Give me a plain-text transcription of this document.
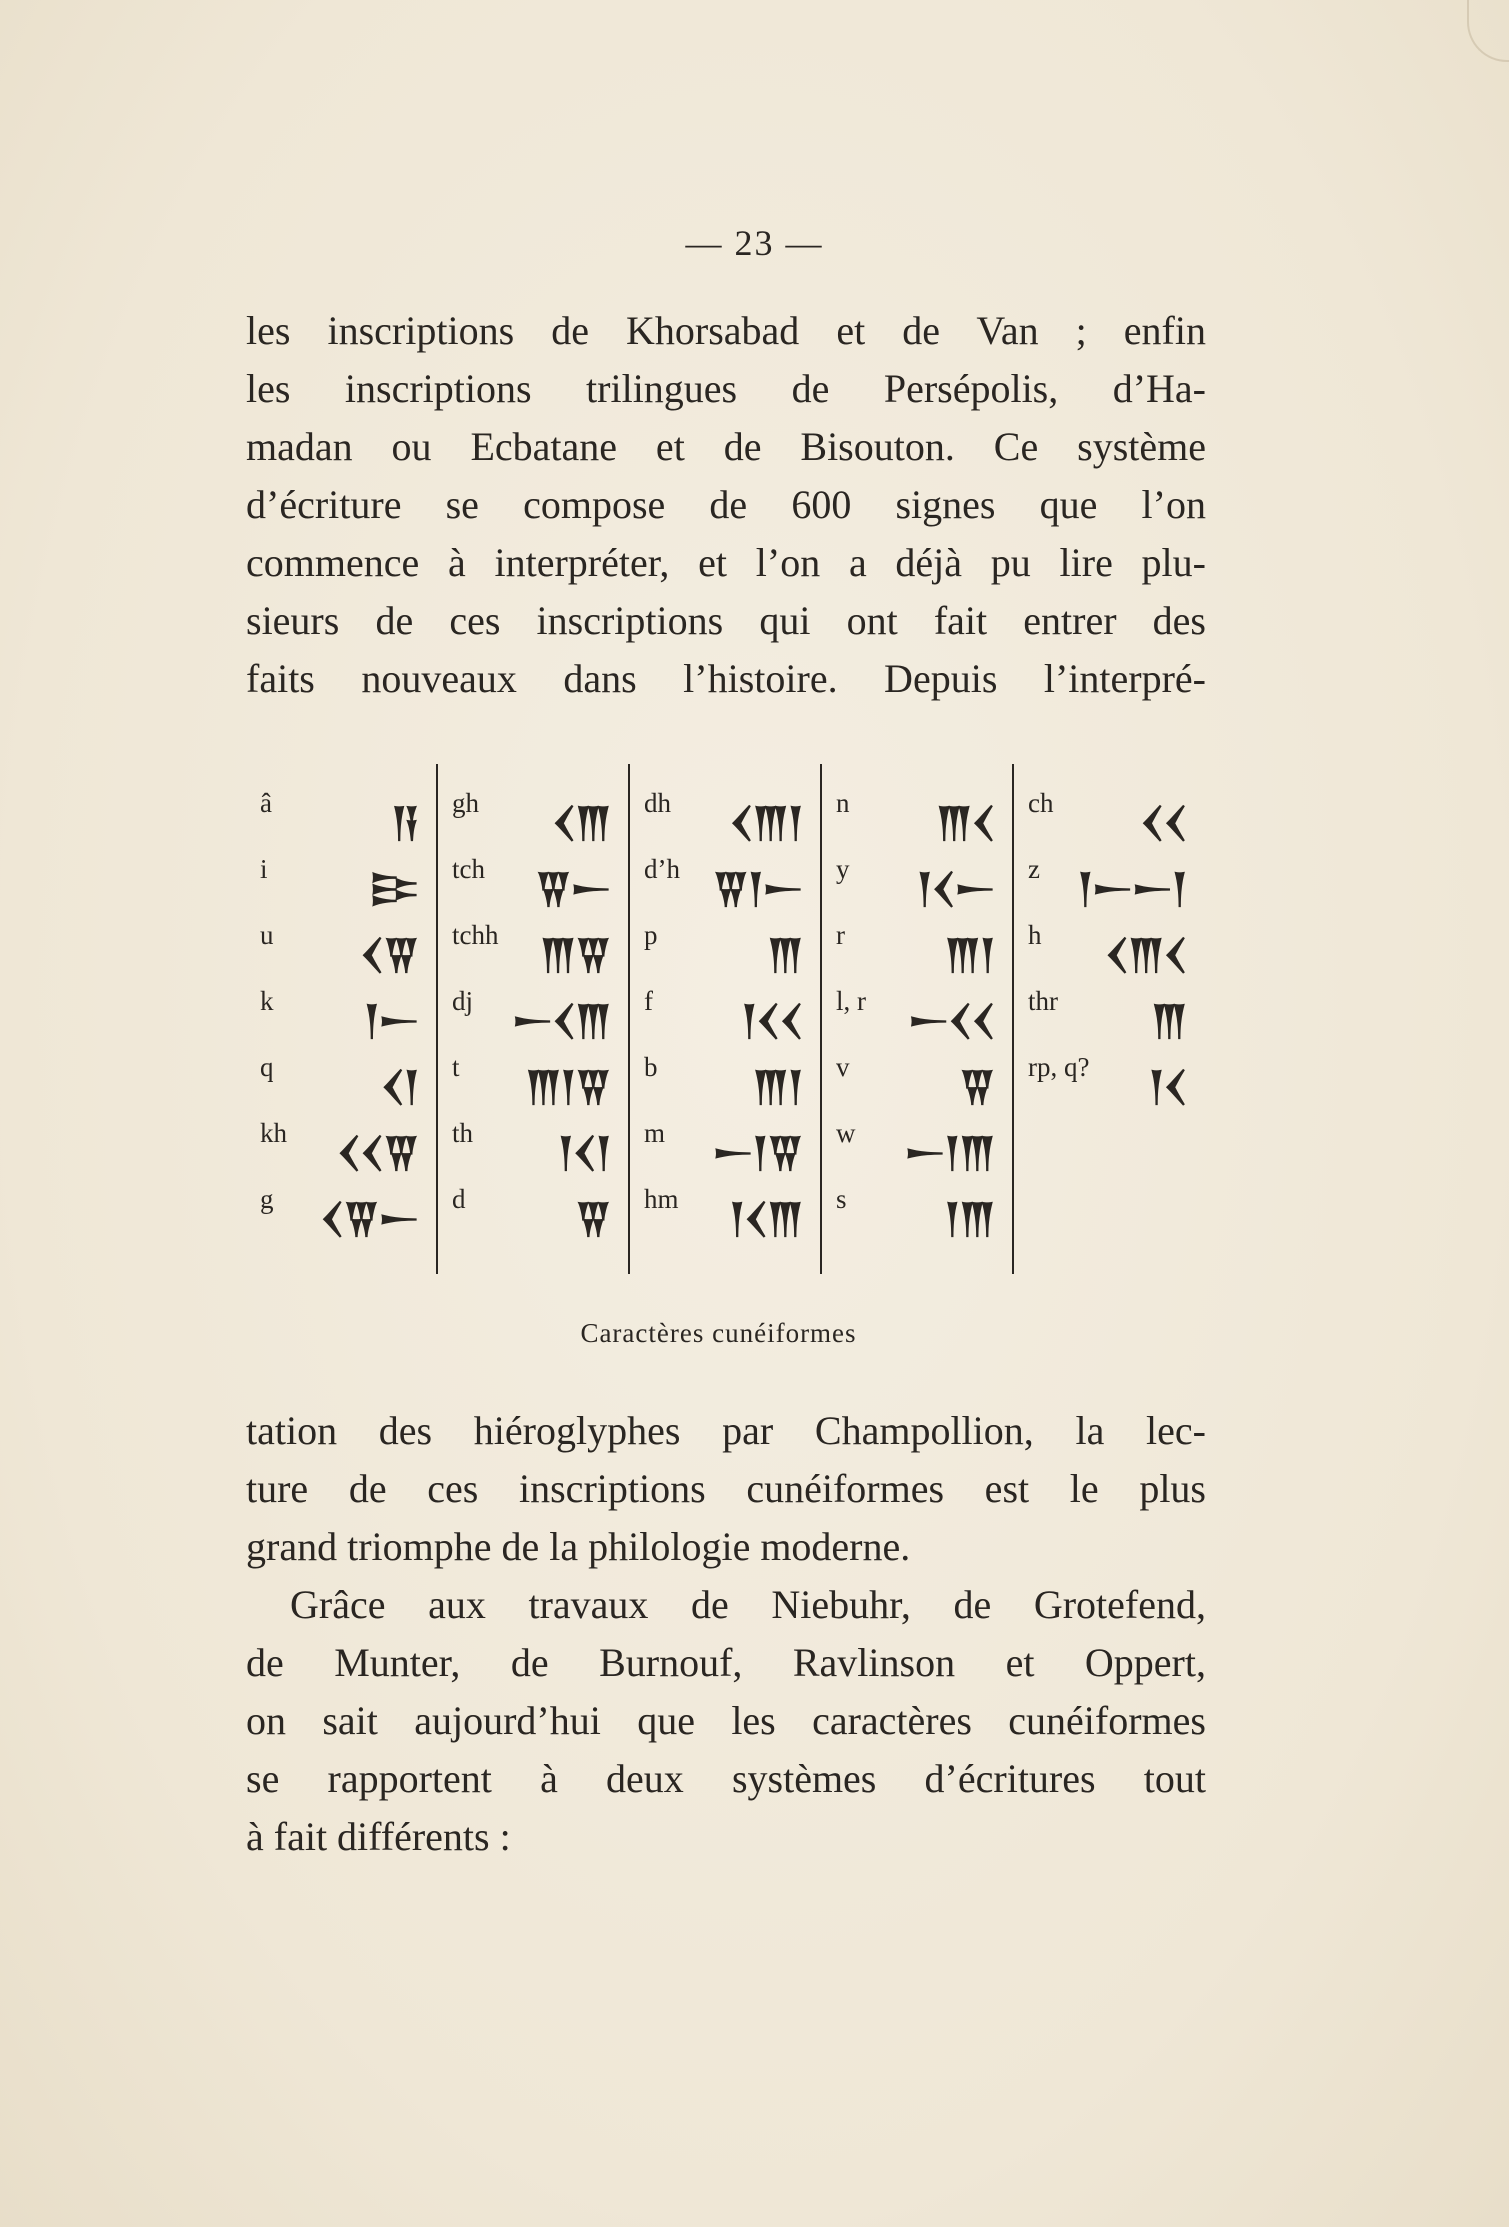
— 23 —

les inscriptions de Khorsabad et de Van ; enfin
les inscriptions trilingues de Persépolis, d’Ha-
madan ou Ecbatane et de Bisouton. Ce système
d’écriture se compose de 600 signes que l’on
commence à interpréter, et l’on a déjà pu lire plu-
sieurs de ces inscriptions qui ont fait entrer des
faits nouveaux dans l’histoire. Depuis l’interpré-

â	𒀀
i	𒄿
u 𒌋𒐊
k 𒁹𒀸
q	𒌋𒁹
kh 𒌋𒌋𒐊
g 𒌋𒐊𒀸
gh 𒌋𒐈
tch 𒐊𒀸
tchh 𒐈𒐊
dj 𒀸𒌋𒐈
t 𒐈𒁹𒐊
th 𒁹𒌋𒁹
d	𒐊
dh 𒌋𒐈𒁹
d’h 𒐊𒁹𒀸
p	𒐈
f 𒁹𒌋𒌋
b 𒐈𒁹
m 𒀸𒁹𒐊
hm 𒁹𒌋𒐈
n 𒐈𒌋
y 𒁹𒌋𒀸
r 𒐈𒁹
l, r 𒀸𒌋𒌋
v	𒐊
w 𒀸𒁹𒐈
s 𒁹𒐈
ch 𒌋𒌋
z 𒁹𒀸𒀸𒁹
h 𒌋𒐈𒌋
thr 𒐈
rp, q? 𒁹𒌋
Caractères cunéiformes

tation des hiéroglyphes par Champollion, la lec-
ture de ces inscriptions cunéiformes est le plus
grand triomphe de la philologie moderne.

Grâce aux travaux de Niebuhr, de Grotefend,
de Munter, de Burnouf, Ravlinson et Oppert,
on sait aujourd’hui que les caractères cunéiformes
se rapportent à deux systèmes d’écritures tout
à fait différents :
